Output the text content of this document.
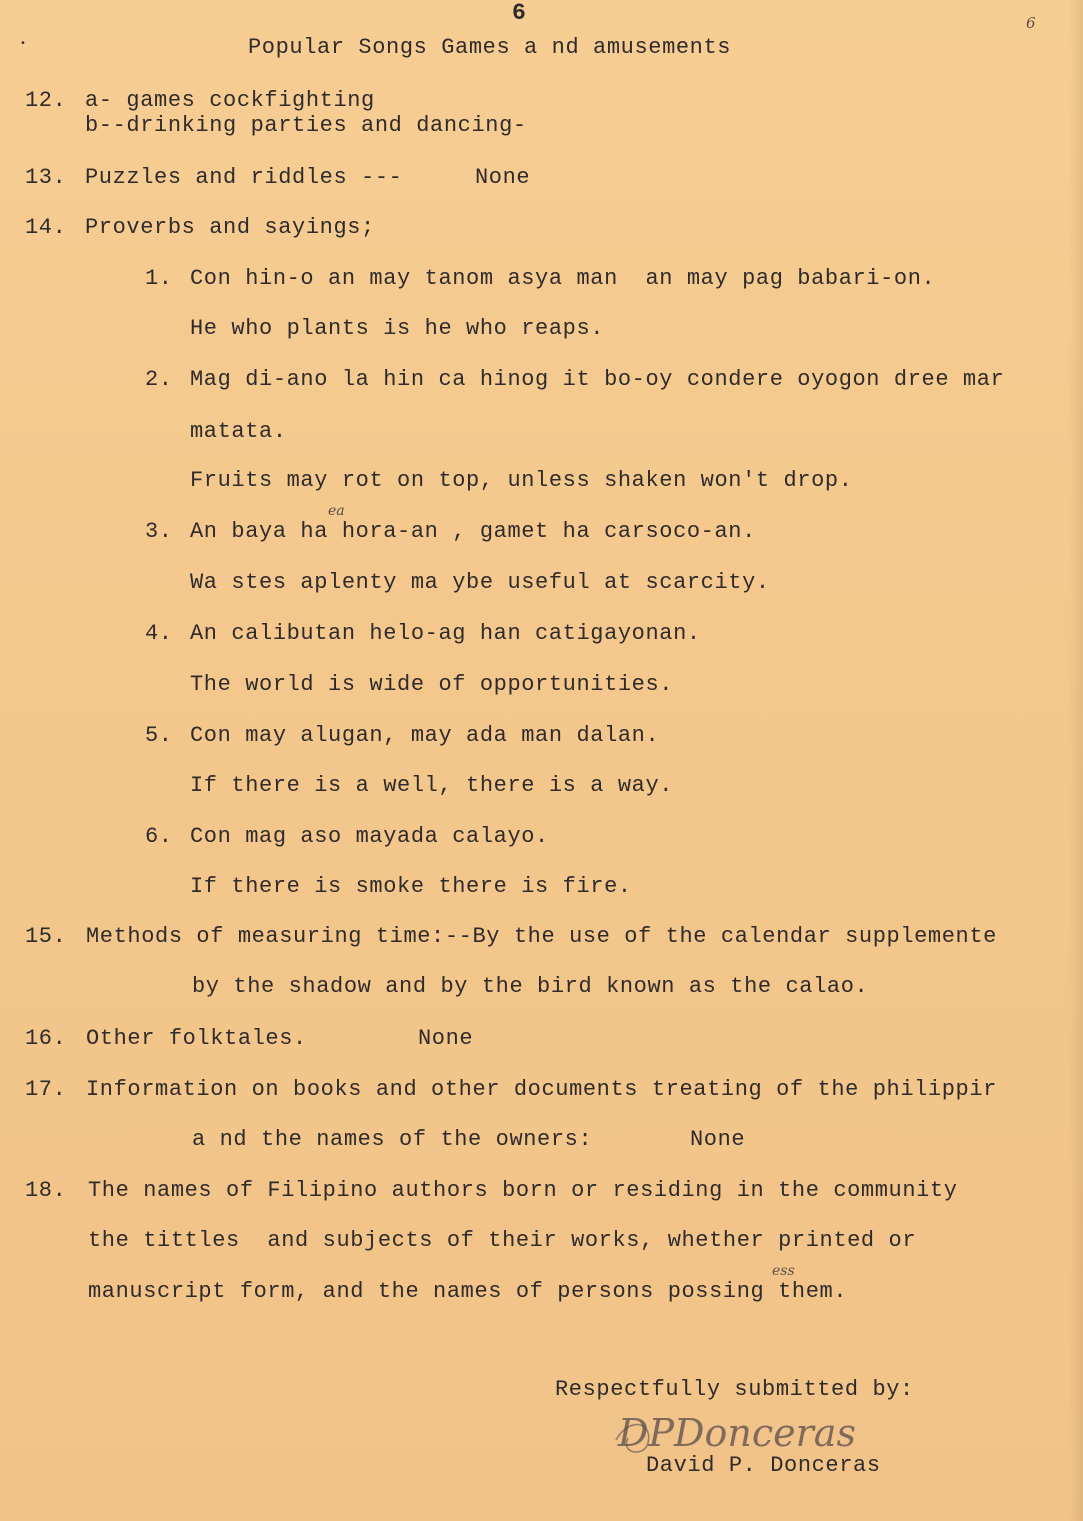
6	6
•	Popular Songs Games a nd amusements
12. a- games cockfighting
b--drinking parties and dancing-
13. Puzzles and riddles ---	None
14. Proverbs and sayings;
1. Con hin-o an may tanom asya man  an may pag babari-on.
He who plants is he who reaps.
2. Mag di-ano la hin ca hinog it bo-oy condere oyogon dree mar
matata.
Fruits may rot on top, unless shaken won't drop.
3.
ea
An baya ha hora-an , gamet ha carsoco-an.
Wa stes aplenty ma ybe useful at scarcity.
4. An calibutan helo-ag han catigayonan.
The world is wide of opportunities.
5. Con may alugan, may ada man dalan.
If there is a well, there is a way.
6. Con mag aso mayada calayo.
If there is smoke there is fire.
15. Methods of measuring time:--By the use of the calendar supplemente
by the shadow and by the bird known as the calao.
16. Other folktales.	None
17. Information on books and other documents treating of the philippir
a nd the names of the owners:	None
18. The names of Filipino authors born or residing in the community
the tittles  and subjects of their works, whether printed or
ess
manuscript form, and the names of persons possing them.
Respectfully submitted by:
DPDonceras
David P. Donceras
